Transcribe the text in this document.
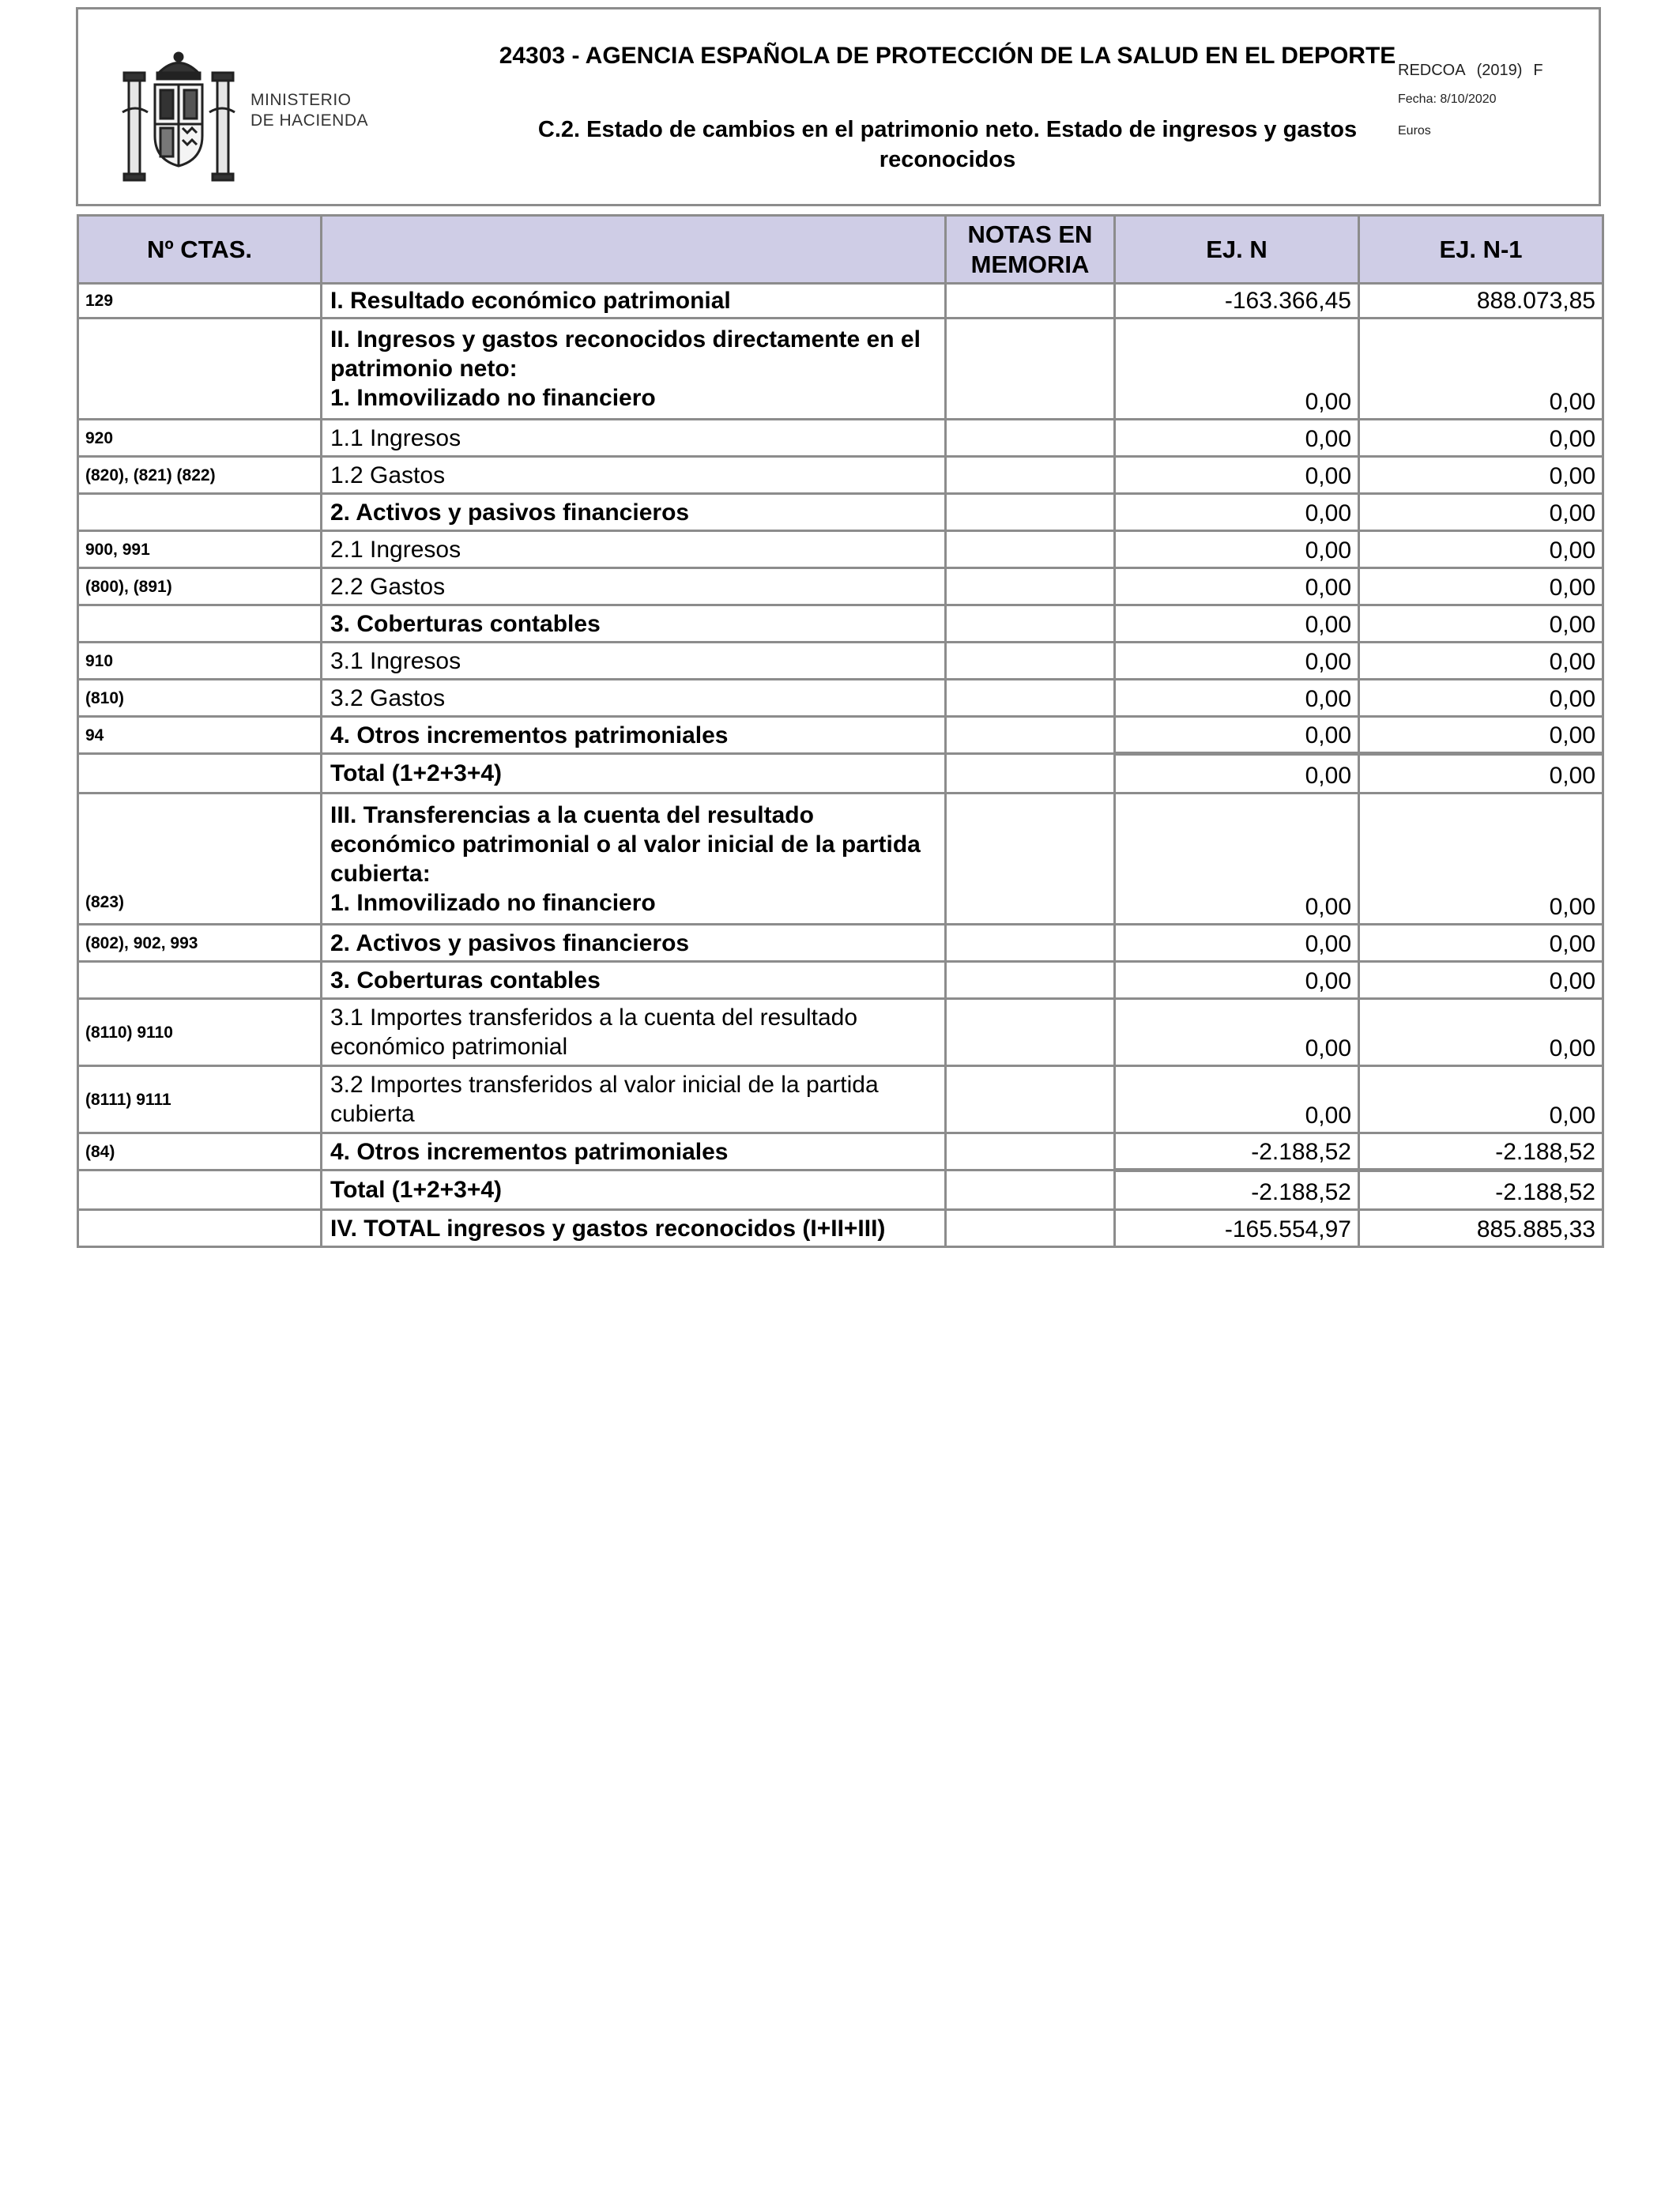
MINISTERIO
DE HACIENDA
24303 - AGENCIA ESPAÑOLA DE PROTECCIÓN DE LA SALUD EN EL DEPORTE
C.2. Estado de cambios en el patrimonio neto. Estado de ingresos y gastos reconocidos
REDCOA (2019) F
Fecha: 8/10/2020
Euros
Nº CTAS.		NOTAS EN MEMORIA	EJ. N	EJ. N-1
129	I. Resultado económico patrimonial		-163.366,45	888.073,85

	II. Ingresos y gastos reconocidos directamente en el patrimonio neto:
1. Inmovilizado no financiero		0,00	0,00
920	1.1 Ingresos		0,00	0,00
(820), (821) (822)	1.2 Gastos		0,00	0,00
	2. Activos y pasivos financieros		0,00	0,00
900, 991	2.1 Ingresos		0,00	0,00
(800), (891)	2.2 Gastos		0,00	0,00
	3. Coberturas contables		0,00	0,00
910	3.1 Ingresos		0,00	0,00
(810)	3.2 Gastos		0,00	0,00
94	4. Otros incrementos patrimoniales		0,00	0,00
	Total (1+2+3+4)		0,00	0,00
(823)	III. Transferencias a la cuenta del resultado económico patrimonial o al valor inicial de la partida cubierta:
1. Inmovilizado no financiero		0,00	0,00
(802), 902, 993	2. Activos y pasivos financieros		0,00	0,00
	3. Coberturas contables		0,00	0,00
(8110) 9110	3.1 Importes transferidos a la cuenta del resultado económico patrimonial		0,00	0,00
(8111) 9111	3.2 Importes transferidos al valor inicial de la partida cubierta		0,00	0,00
(84)	4. Otros incrementos patrimoniales		-2.188,52	-2.188,52
	Total (1+2+3+4)		-2.188,52	-2.188,52
	IV. TOTAL ingresos y gastos reconocidos (I+II+III)		-165.554,97	885.885,33
